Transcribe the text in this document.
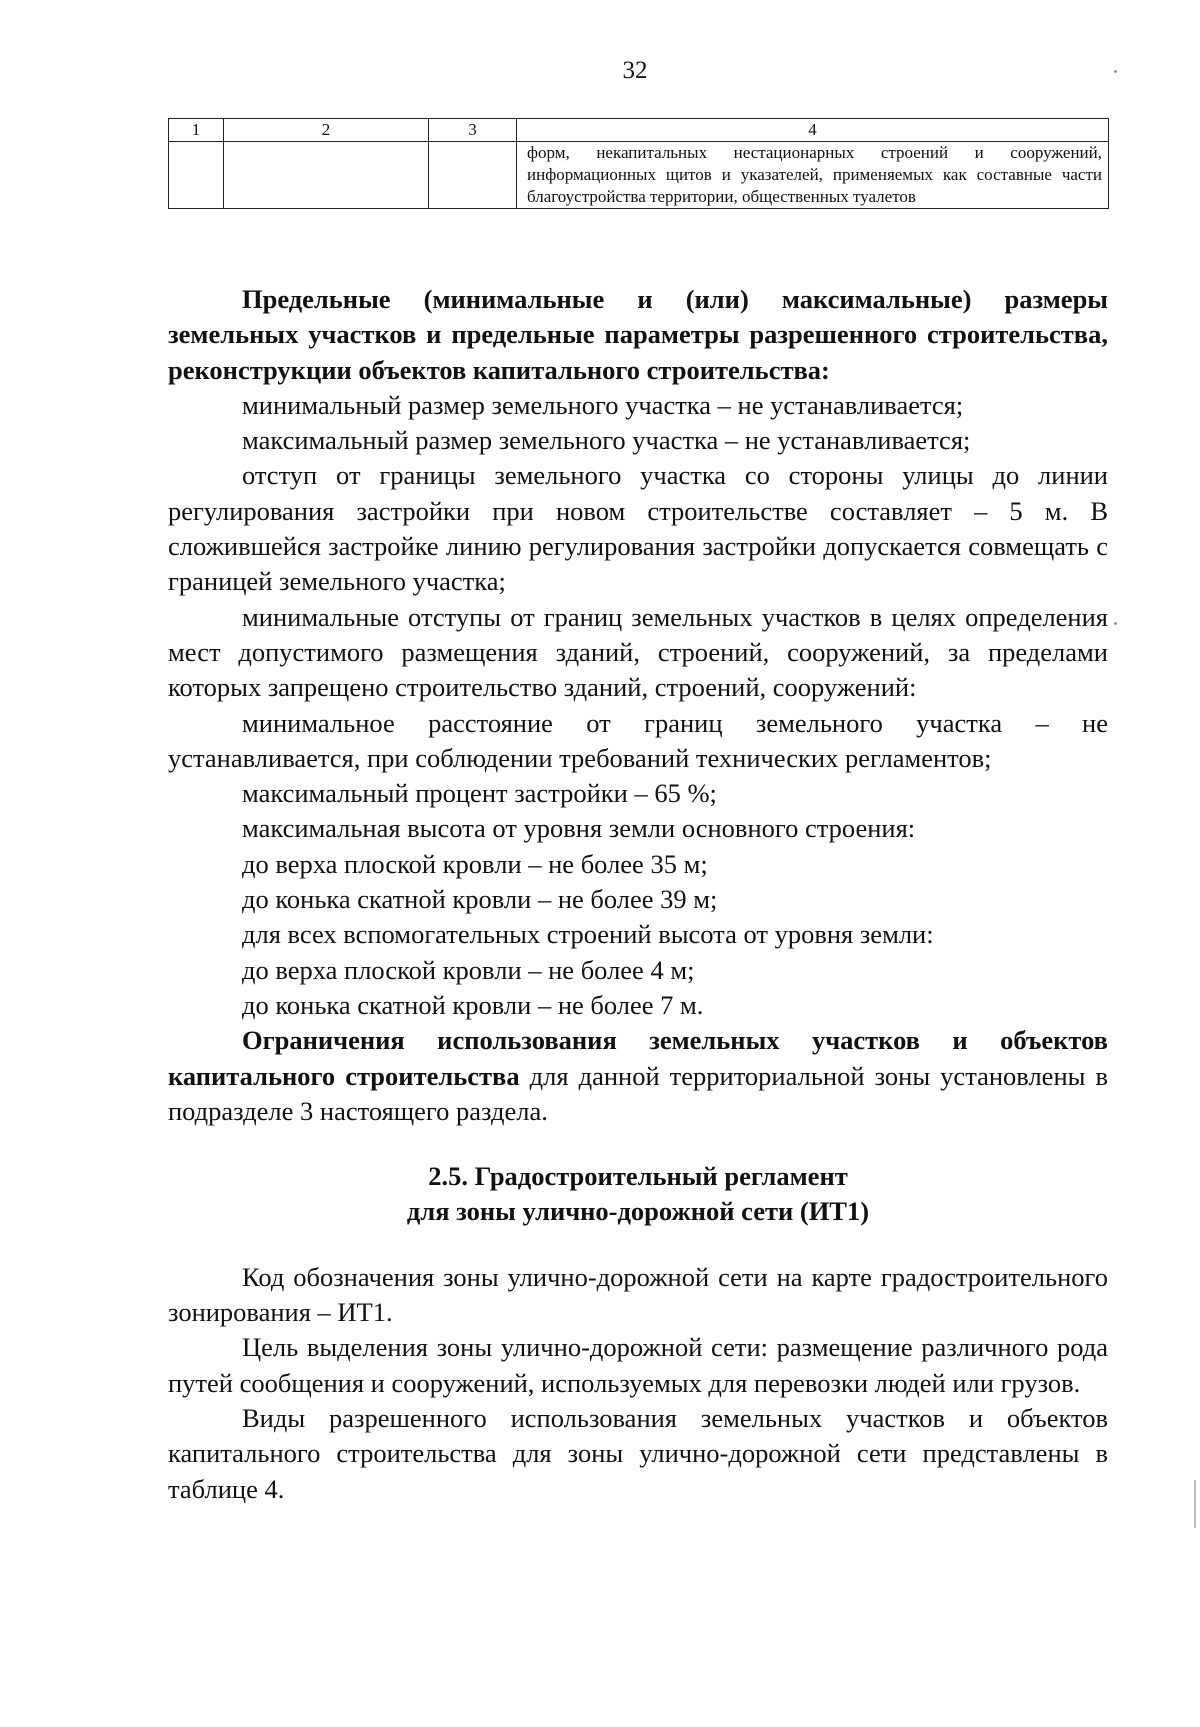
32
1	2	3	4
			форм, некапитальных нестационарных строений и сооружений, информационных щитов и указателей, применяемых как составные части благоустройства территории, общественных туалетов

Предельные (минимальные и (или) максимальные) размеры земельных участков и предельные параметры разрешенного строительства, реконструкции объектов капитального строительства:

минимальный размер земельного участка – не устанавливается;

максимальный размер земельного участка – не устанавливается;

отступ от границы земельного участка со стороны улицы до линии регулирования застройки при новом строительстве составляет – 5 м. В сложившейся застройке линию регулирования застройки допускается совмещать с границей земельного участка;

минимальные отступы от границ земельных участков в целях определения мест допустимого размещения зданий, строений, сооружений, за пределами которых запрещено строительство зданий, строений, сооружений:

минимальное расстояние от границ земельного участка – не устанавливается, при соблюдении требований технических регламентов;

максимальный процент застройки – 65 %;

максимальная высота от уровня земли основного строения:

до верха плоской кровли – не более 35 м;

до конька скатной кровли – не более 39 м;

для всех вспомогательных строений высота от уровня земли:

до верха плоской кровли – не более 4 м;

до конька скатной кровли – не более 7 м.

Ограничения использования земельных участков и объектов капитального строительства для данной территориальной зоны установлены в подразделе 3 настоящего раздела.

2.5. Градостроительный регламент

для зоны улично-дорожной сети (ИТ1)

Код обозначения зоны улично-дорожной сети на карте градостроительного зонирования – ИТ1.

Цель выделения зоны улично-дорожной сети: размещение различного рода путей сообщения и сооружений, используемых для перевозки людей или грузов.

Виды разрешенного использования земельных участков и объектов капитального строительства для зоны улично-дорожной сети представлены в таблице 4.
